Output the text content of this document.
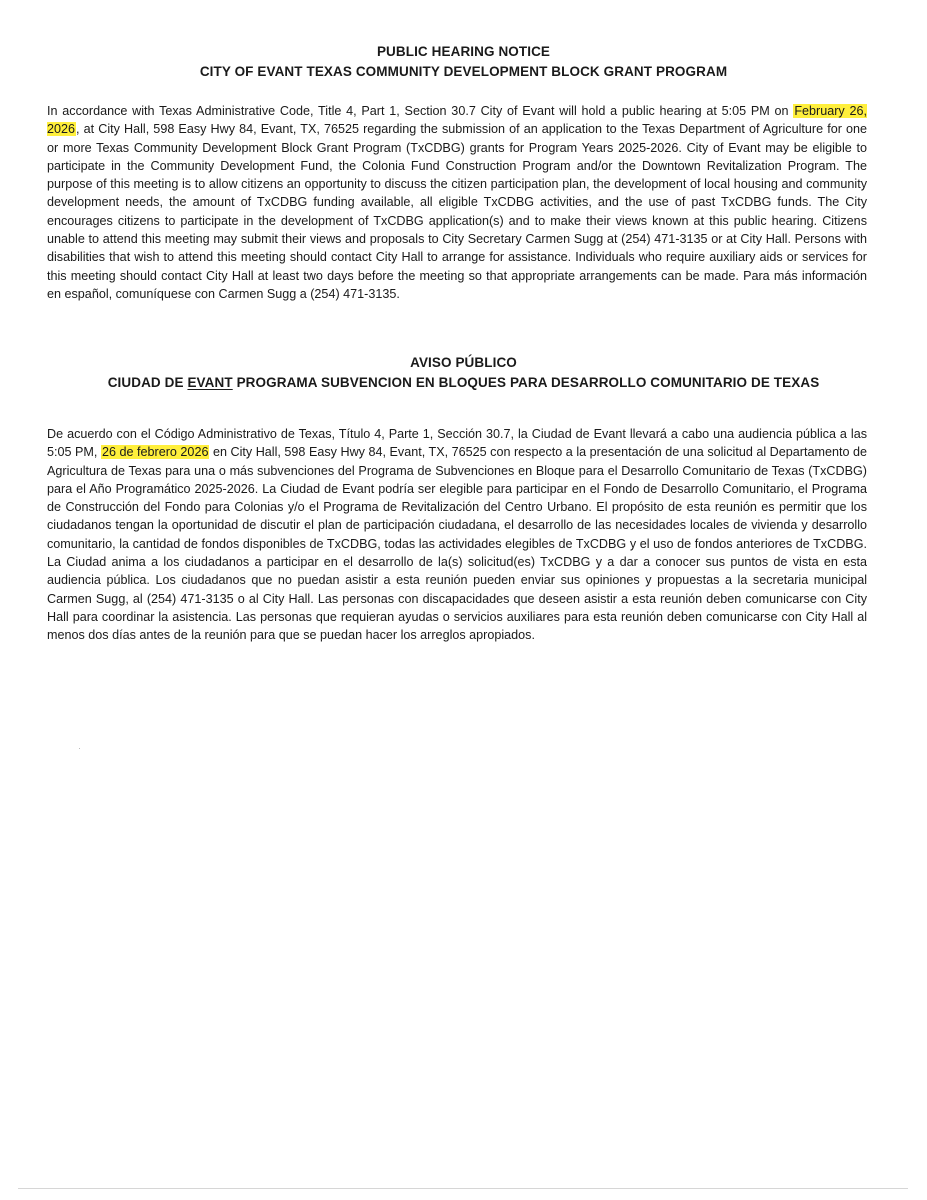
PUBLIC HEARING NOTICE
CITY OF EVANT TEXAS COMMUNITY DEVELOPMENT BLOCK GRANT PROGRAM
In accordance with Texas Administrative Code, Title 4, Part 1, Section 30.7 City of Evant will hold a public hearing at 5:05 PM on February 26, 2026, at City Hall, 598 Easy Hwy 84, Evant, TX, 76525 regarding the submission of an application to the Texas Department of Agriculture for one or more Texas Community Development Block Grant Program (TxCDBG) grants for Program Years 2025-2026. City of Evant may be eligible to participate in the Community Development Fund, the Colonia Fund Construction Program and/or the Downtown Revitalization Program. The purpose of this meeting is to allow citizens an opportunity to discuss the citizen participation plan, the development of local housing and community development needs, the amount of TxCDBG funding available, all eligible TxCDBG activities, and the use of past TxCDBG funds. The City encourages citizens to participate in the development of TxCDBG application(s) and to make their views known at this public hearing. Citizens unable to attend this meeting may submit their views and proposals to City Secretary Carmen Sugg at (254) 471-3135 or at City Hall. Persons with disabilities that wish to attend this meeting should contact City Hall to arrange for assistance. Individuals who require auxiliary aids or services for this meeting should contact City Hall at least two days before the meeting so that appropriate arrangements can be made. Para más información en español, comuníquese con Carmen Sugg a (254) 471-3135.
AVISO PÚBLICO
CIUDAD DE EVANT PROGRAMA SUBVENCION EN BLOQUES PARA DESARROLLO COMUNITARIO DE TEXAS
De acuerdo con el Código Administrativo de Texas, Título 4, Parte 1, Sección 30.7, la Ciudad de Evant llevará a cabo una audiencia pública a las 5:05 PM, 26 de febrero 2026 en City Hall, 598 Easy Hwy 84, Evant, TX, 76525 con respecto a la presentación de una solicitud al Departamento de Agricultura de Texas para una o más subvenciones del Programa de Subvenciones en Bloque para el Desarrollo Comunitario de Texas (TxCDBG) para el Año Programático 2025-2026. La Ciudad de Evant podría ser elegible para participar en el Fondo de Desarrollo Comunitario, el Programa de Construcción del Fondo para Colonias y/o el Programa de Revitalización del Centro Urbano. El propósito de esta reunión es permitir que los ciudadanos tengan la oportunidad de discutir el plan de participación ciudadana, el desarrollo de las necesidades locales de vivienda y desarrollo comunitario, la cantidad de fondos disponibles de TxCDBG, todas las actividades elegibles de TxCDBG y el uso de fondos anteriores de TxCDBG. La Ciudad anima a los ciudadanos a participar en el desarrollo de la(s) solicitud(es) TxCDBG y a dar a conocer sus puntos de vista en esta audiencia pública. Los ciudadanos que no puedan asistir a esta reunión pueden enviar sus opiniones y propuestas a la secretaria municipal Carmen Sugg, al (254) 471-3135 o al City Hall. Las personas con discapacidades que deseen asistir a esta reunión deben comunicarse con City Hall para coordinar la asistencia. Las personas que requieran ayudas o servicios auxiliares para esta reunión deben comunicarse con City Hall al menos dos días antes de la reunión para que se puedan hacer los arreglos apropiados.
